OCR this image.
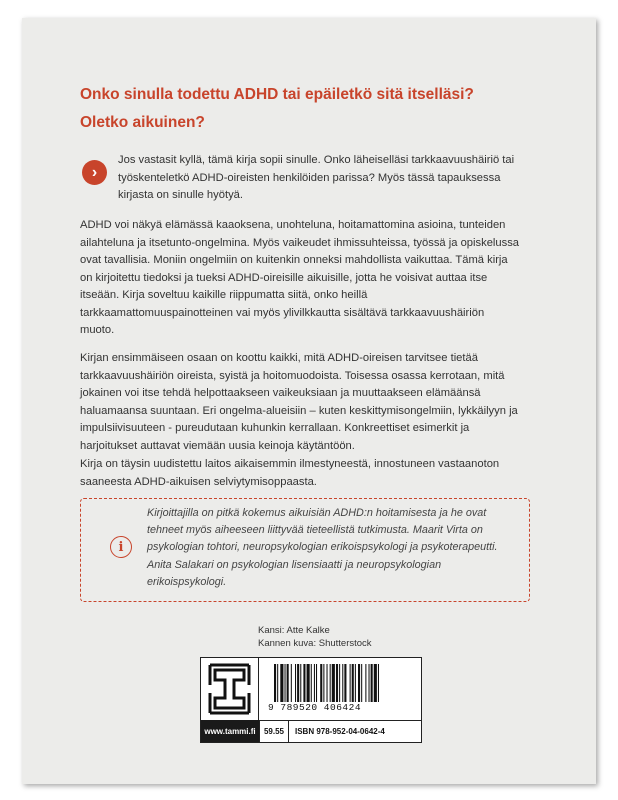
Onko sinulla todettu ADHD tai epäiletkö sitä itselläsi?
Oletko aikuinen?
›
Jos vastasit kyllä, tämä kirja sopii sinulle. Onko läheiselläsi tarkkaavuushäiriö tai työskenteletkö ADHD-oireisten henkilöiden parissa? Myös tässä tapauksessa kirjasta on sinulle hyötyä.
ADHD voi näkyä elämässä kaaoksena, unohteluna, hoitamattomina asioina, tunteiden ailahteluna ja itsetunto-ongelmina. Myös vaikeudet ihmissuhteissa, työssä ja opiskelussa ovat tavallisia. Moniin ongelmiin on kuitenkin onneksi mahdollista vaikuttaa. Tämä kirja on kirjoitettu tiedoksi ja tueksi ADHD-oireisille aikuisille, jotta he voisivat auttaa itse itseään. Kirja soveltuu kaikille riippumatta siitä, onko heillä tarkkaamattomuuspainotteinen vai myös ylivilkkautta sisältävä tarkkaavuushäiriön muoto.
Kirjan ensimmäiseen osaan on koottu kaikki, mitä ADHD-oireisen tarvitsee tietää tarkkaavuushäiriön oireista, syistä ja hoitomuodoista. Toisessa osassa kerrotaan, mitä jokainen voi itse tehdä helpottaakseen vaikeuksiaan ja muuttaakseen elämäänsä haluamaansa suuntaan. Eri ongelma-alueisiin – kuten keskittymisongelmiin, lykkäilyyn ja impulsiivisuuteen - pureudutaan kuhunkin kerrallaan. Konkreettiset esimerkit ja harjoitukset auttavat viemään uusia keinoja käytäntöön.
Kirja on täysin uudistettu laitos aikaisemmin ilmestyneestä, innostuneen vastaanoton saaneesta ADHD-aikuisen selviytymisoppaasta.
i
Kirjoittajilla on pitkä kokemus aikuisiän ADHD:n hoitamisesta ja he ovat tehneet myös aiheeseen liittyvää tieteellistä tutkimusta. Maarit Virta on psykologian tohtori, neuropsykologian erikoispsykologi ja psykoterapeutti. Anita Salakari on psykologian lisensiaatti ja neuropsykologian erikoispsykologi.
Kansi: Atte Kalke
Kannen kuva: Shutterstock
www.tammi.fi	59.55	ISBN 978-952-04-0642-4
9 789520 406424
